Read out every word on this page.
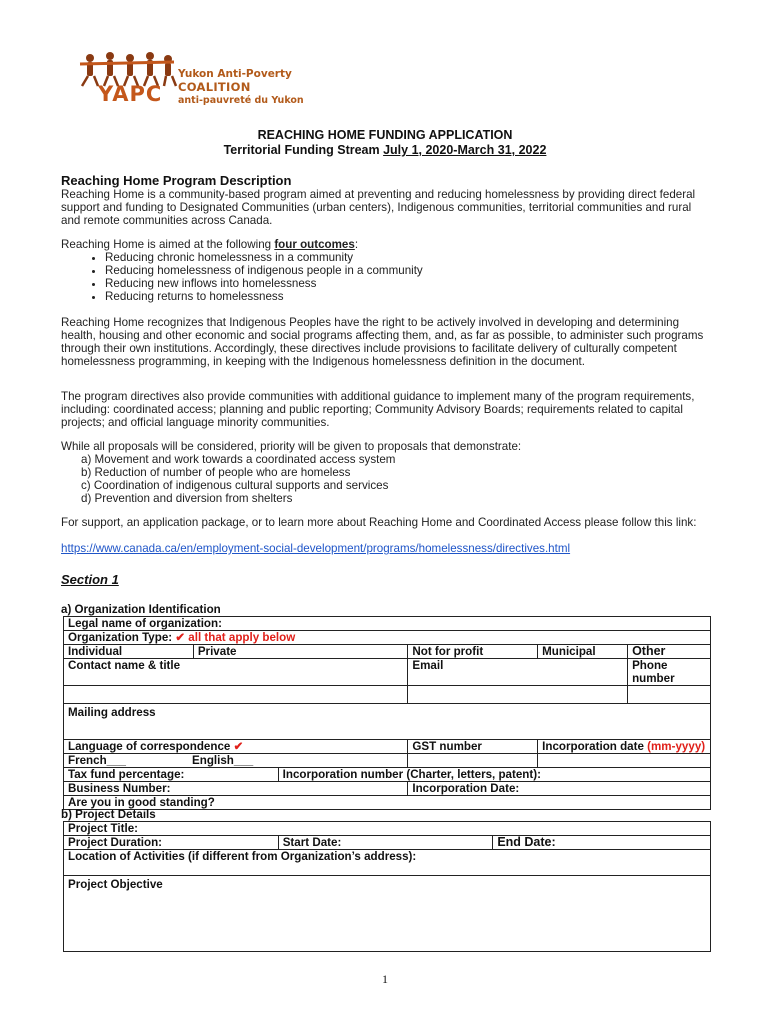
YAPC
Yukon Anti-Poverty
COALITION
anti-pauvreté du Yukon
REACHING HOME FUNDING APPLICATION
Territorial Funding Stream July 1, 2020-March 31, 2022
Reaching Home Program Description
Reaching Home is a community-based program aimed at preventing and reducing homelessness by providing direct federal support and funding to Designated Communities (urban centers), Indigenous communities, territorial communities and rural and remote communities across Canada.
Reaching Home is aimed at the following four outcomes:
• Reducing chronic homelessness in a community
• Reducing homelessness of indigenous people in a community
• Reducing new inflows into homelessness
• Reducing returns to homelessness
Reaching Home recognizes that Indigenous Peoples have the right to be actively involved in developing and determining health, housing and other economic and social programs affecting them, and, as far as possible, to administer such programs through their own institutions. Accordingly, these directives include provisions to facilitate delivery of culturally competent homelessness programming, in keeping with the Indigenous homelessness definition in the document.
The program directives also provide communities with additional guidance to implement many of the program requirements, including: coordinated access; planning and public reporting; Community Advisory Boards; requirements related to capital projects; and official language minority communities.
While all proposals will be considered, priority will be given to proposals that demonstrate:
a) Movement and work towards a coordinated access system
b) Reduction of number of people who are homeless
c) Coordination of indigenous cultural supports and services
d) Prevention and diversion from shelters
For support, an application package, or to learn more about Reaching Home and Coordinated Access please follow this link:
https://www.canada.ca/en/employment-social-development/programs/homelessness/directives.html
Section 1
a) Organization Identification
Legal name of organization:					
Organization Type: ✔ all that apply below					
Individual	Private		Not for profit	Municipal	Other
Contact name & title			Email		Phone number

Mailing address					
Language of correspondence ✔			GST number	Incorporation date (mm-yyyy)	
French___ English___					
Tax fund percentage:		Incorporation number (Charter, letters, patent):			
Business Number:			Incorporation Date:		
Are you in good standing?					
b) Project Details
Project Title:
Project Duration:	Start Date:	End Date:
Location of Activities (if different from Organization’s address):
Project Objective
1
